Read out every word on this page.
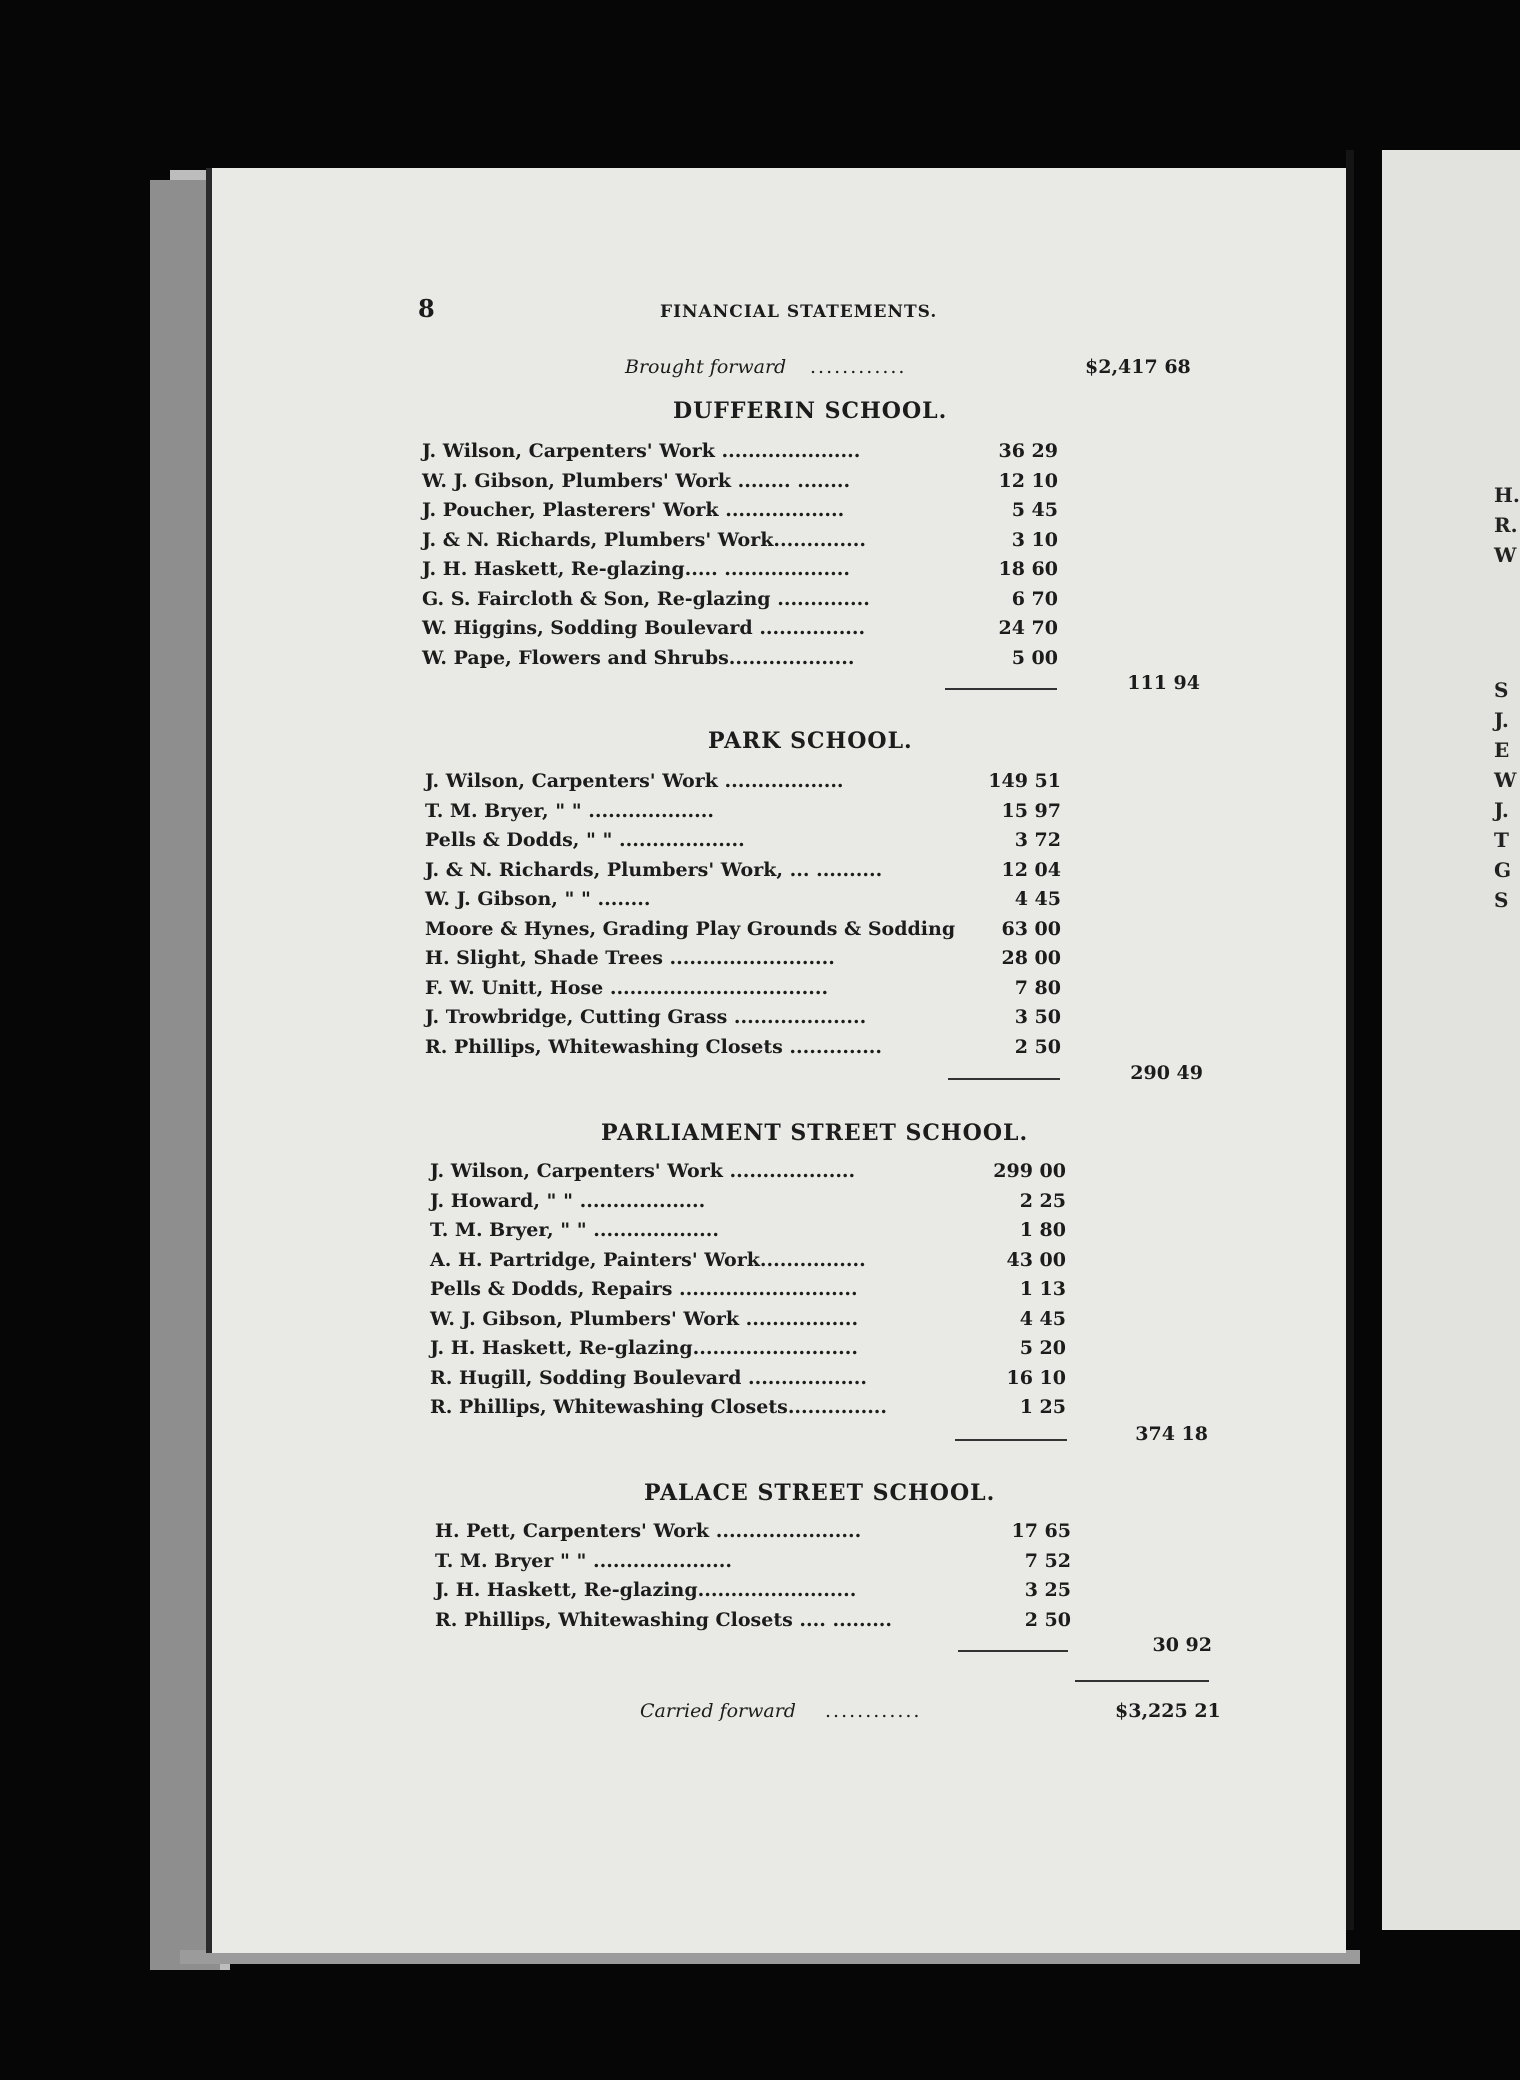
H.
R.
W
S
J.
E
W
J.
T
G
S
8	FINANCIAL STATEMENTS.
Brought forward ............	$2,417 68
DUFFERIN SCHOOL.
J. Wilson, Carpenters' Work .....................	36 29
W. J. Gibson, Plumbers' Work ........ ........	12 10
J. Poucher, Plasterers' Work ..................	5 45
J. & N. Richards, Plumbers' Work..............	3 10
J. H. Haskett, Re-glazing..... ...................	18 60
G. S. Faircloth & Son, Re-glazing ..............	6 70
W. Higgins, Sodding Boulevard ................	24 70
W. Pape, Flowers and Shrubs...................	5 00
111 94
PARK SCHOOL.
J. Wilson, Carpenters' Work ..................	149 51
T. M. Bryer, " " ...................	15 97
Pells & Dodds, " " ...................	3 72
J. & N. Richards, Plumbers' Work, ... ..........	12 04
W. J. Gibson, " " ........	4 45
Moore & Hynes, Grading Play Grounds & Sodding	63 00
H. Slight, Shade Trees .........................	28 00
F. W. Unitt, Hose .................................	7 80
J. Trowbridge, Cutting Grass ....................	3 50
R. Phillips, Whitewashing Closets ..............	2 50
290 49
PARLIAMENT STREET SCHOOL.
J. Wilson, Carpenters' Work ...................	299 00
J. Howard, " " ...................	2 25
T. M. Bryer, " " ...................	1 80
A. H. Partridge, Painters' Work................	43 00
Pells & Dodds, Repairs ...........................	1 13
W. J. Gibson, Plumbers' Work .................	4 45
J. H. Haskett, Re-glazing.........................	5 20
R. Hugill, Sodding Boulevard ..................	16 10
R. Phillips, Whitewashing Closets...............	1 25
374 18
PALACE STREET SCHOOL.
H. Pett, Carpenters' Work ......................	17 65
T. M. Bryer " " .....................	7 52
J. H. Haskett, Re-glazing........................	3 25
R. Phillips, Whitewashing Closets .... .........	2 50
30 92
Carried forward ............	$3,225 21
